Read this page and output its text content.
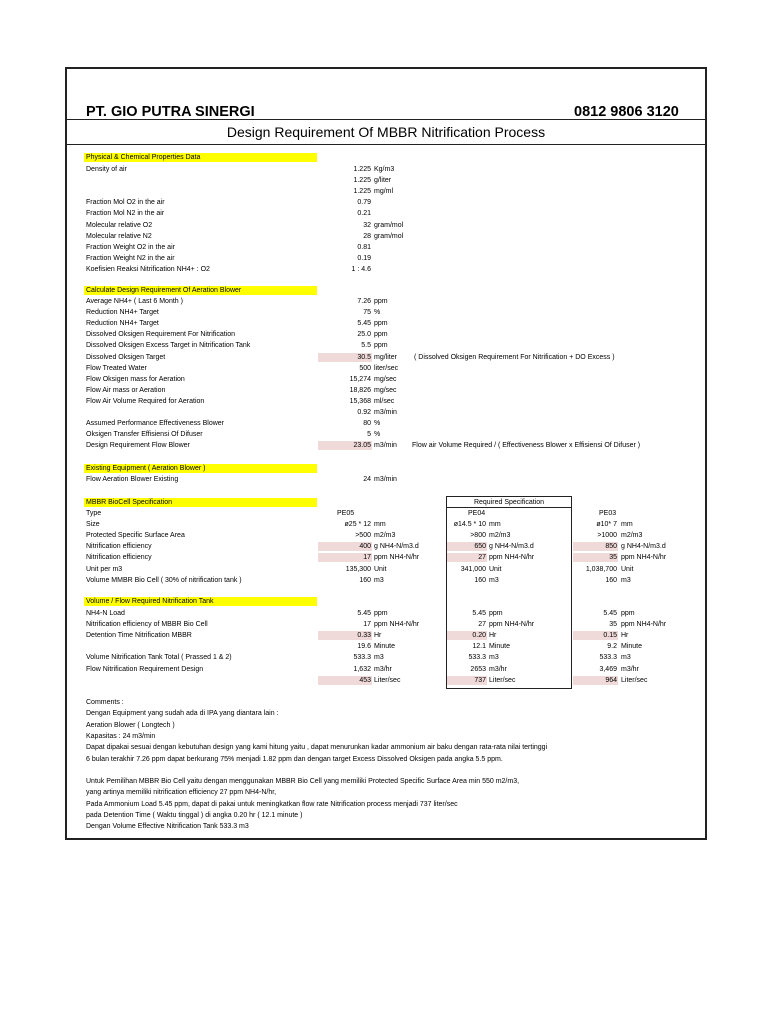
PT. GIO PUTRA SINERGI	0812 9806 3120
Design Requirement Of MBBR Nitrification Process
Physical & Chemical Properties Data
Density of air	1.225 Kg/m3
1.225 g/liter
1.225 mg/ml
Fraction Mol O2 in the air	0.79
Fraction Mol N2 in the air	0.21
Molecular relative O2	32 gram/mol
Molecular relative N2	28 gram/mol
Fraction Weight O2 in the air	0.81
Fraction Weight N2 in the air	0.19
Koefisien Reaksi Nitrification NH4+ : O2	1 : 4.6
Calculate Design Requirement Of Aeration Blower
Average NH4+ ( Last 6 Month )	7.26 ppm
Reduction NH4+ Target	75 %
Reduction NH4+ Target	5.45 ppm
Dissolved Oksigen Requirement For Nitrification	25.0 ppm
Dissolved Oksigen Excess Target in Nitrification Tank	5.5 ppm
Dissolved Oksigen Target	30.5 mg/liter ( Dissolved Oksigen Requirement For Nitrification + DO Excess )
Flow Treated Water	500 liter/sec
Flow Oksigen mass for Aeration	15,274 mg/sec
Flow Air mass or Aeration	18,826 mg/sec
Flow Air Volume Required for Aeration	15,368 ml/sec
0.92 m3/min
Assumed Performance Effectiveness Blower	80 %
Oksigen Transfer Effisiensi Of Difuser	5 %
Design Requirement Flow Blower	23.05 m3/min Flow air Volume Required / ( Effectiveness Blower x Effisiensi Of Difuser )
Existing Equipment ( Aeration Blower )
Flow Aeration Blower Existing	24 m3/min
Required Specification
MBBR BioCell Specification
Type	PE05	PE04	PE03
Size	ø25 * 12 mm	ø14.5 * 10 mm	ø10* 7 mm
Protected Specific Surface Area	>500 m2/m3	>800 m2/m3	>1000 m2/m3
Nitrification efficiency	400 g NH4-N/m3.d	650 g NH4-N/m3.d	850 g NH4-N/m3.d
Nitrification efficiency	17 ppm NH4-N/hr	27 ppm NH4-N/hr	35 ppm NH4-N/hr
Unit per m3	135,300 Unit	341,000 Unit	1,038,700 Unit
Volume MMBR Bio Cell ( 30% of nitrification tank )	160 m3	160 m3	160 m3
Volume / Flow Required Nitrification Tank
NH4-N Load	5.45 ppm	5.45 ppm	5.45 ppm
Nitrification efficiency of MBBR Bio Cell	17 ppm NH4-N/hr	27 ppm NH4-N/hr	35 ppm NH4-N/hr
Detention Time Nitrification MBBR	0.33 Hr	0.20 Hr	0.15 Hr
19.6 Minute	12.1 Minute	9.2 Minute
Volume Nitrification Tank Total ( Prassed 1 & 2)	533.3 m3	533.3 m3	533.3 m3
Flow Nitrification Requirement Design	1,632 m3/hr	2653 m3/hr	3,469 m3/hr
453 Liter/sec	737 Liter/sec	964 Liter/sec
Comments :
Dengan Equipment yang sudah ada di IPA yang diantara lain :
Aeration Blower ( Longtech )
Kapasitas : 24 m3/min
Dapat dipakai sesuai dengan kebutuhan design yang kami hitung yaitu , dapat menurunkan kadar ammonium air baku dengan rata-rata nilai tertinggi
6 bulan terakhir 7.26 ppm dapat berkurang 75% menjadi 1.82 ppm dan dengan target Excess Dissolved Oksigen pada angka 5.5 ppm.
Untuk Pemilihan MBBR Bio Cell yaitu dengan menggunakan MBBR Bio Cell yang memiliki Protected Specific Surface Area min 550 m2/m3,
yang artinya memiliki nitrification efficiency 27 ppm NH4-N/hr,
Pada Ammonium Load 5.45 ppm, dapat di pakai untuk meningkatkan flow rate Nitrification process menjadi 737 liter/sec
pada Detention Time ( Waktu tinggal ) di angka 0.20 hr ( 12.1 minute )
Dengan Volume Effective Nitrification Tank 533.3 m3
